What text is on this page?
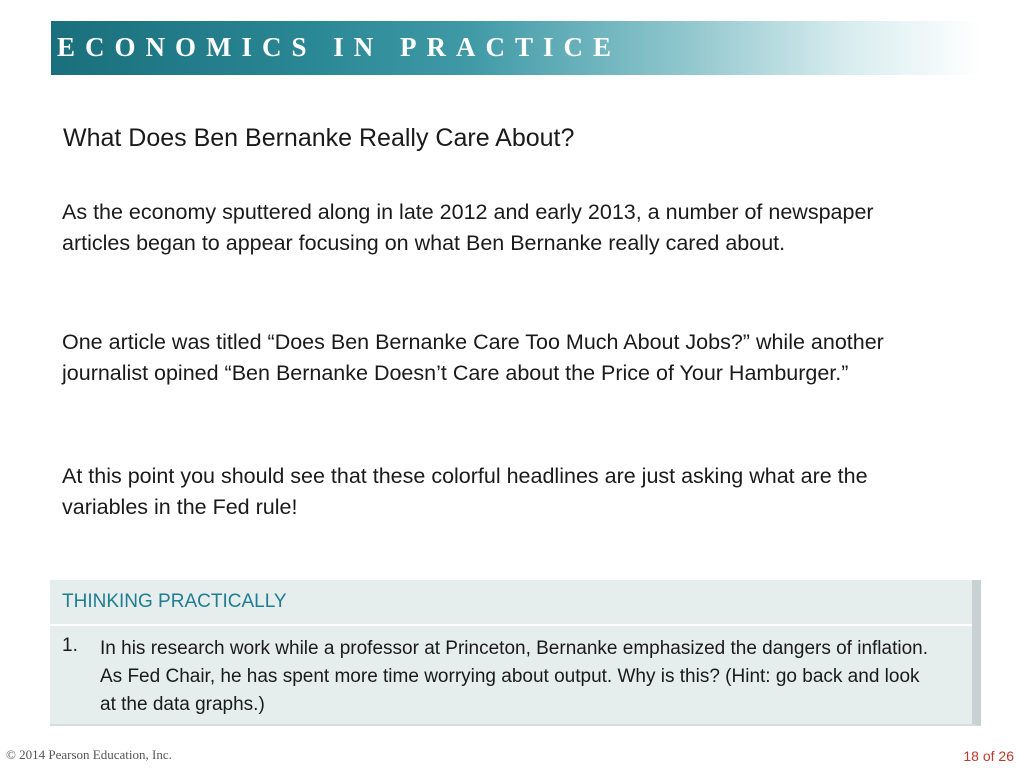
ECONOMICS IN PRACTICE
What Does Ben Bernanke Really Care About?

As the economy sputtered along in late 2012 and early 2013, a number of newspaper articles began to appear focusing on what Ben Bernanke really cared about.

One article was titled “Does Ben Bernanke Care Too Much About Jobs?” while another journalist opined “Ben Bernanke Doesn’t Care about the Price of Your Hamburger.”

At this point you should see that these colorful headlines are just asking what are the variables in the Fed rule!

THINKING PRACTICALLY
1. In his research work while a professor at Princeton, Bernanke emphasized the dangers of inflation. As Fed Chair, he has spent more time worrying about output. Why is this? (Hint: go back and look at the data graphs.)

© 2014 Pearson Education, Inc.	18 of 26
